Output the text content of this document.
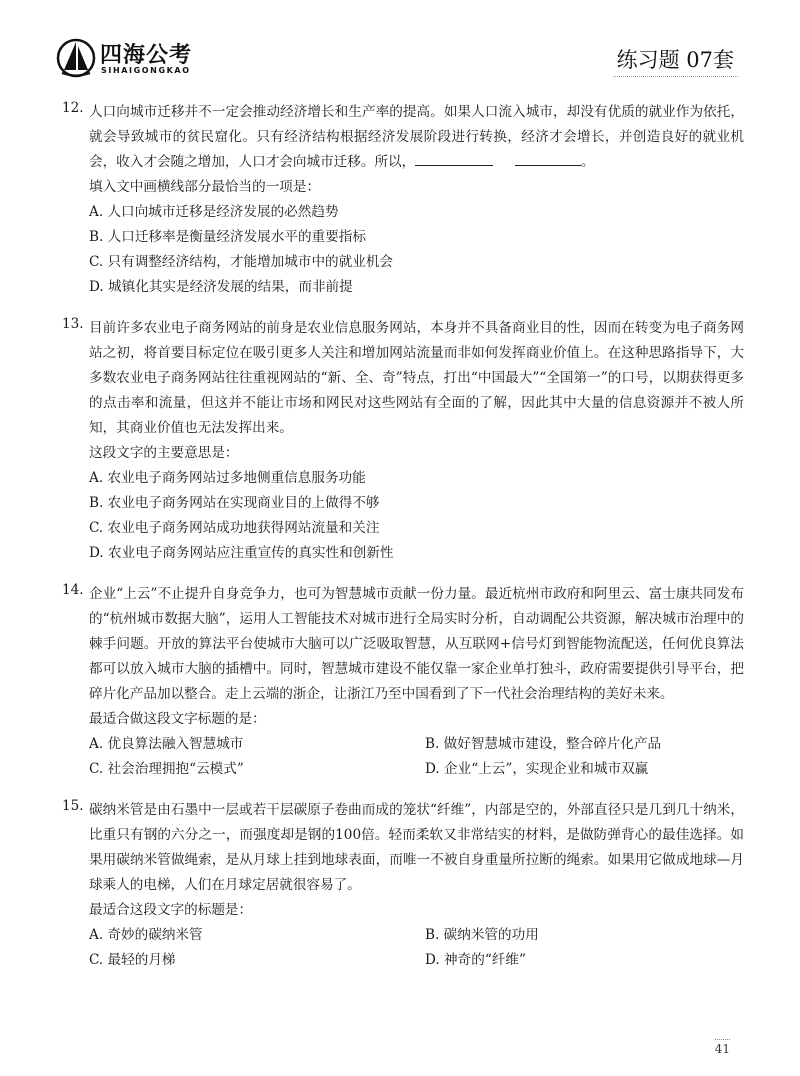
四海公考
SIHAIGONGKAO	练习题 07套
12. 人口向城市迁移并不一定会推动经济增长和生产率的提高。如果人口流入城市，却没有优质的就业作为依托，就会导致城市的贫民窟化。只有经济结构根据经济发展阶段进行转换，经济才会增长，并创造良好的就业机会，收入才会随之增加，人口才会向城市迁移。所以，	。
填入文中画横线部分最恰当的一项是：
A. 人口向城市迁移是经济发展的必然趋势
B. 人口迁移率是衡量经济发展水平的重要指标
C. 只有调整经济结构，才能增加城市中的就业机会
D. 城镇化其实是经济发展的结果，而非前提
13. 目前许多农业电子商务网站的前身是农业信息服务网站，本身并不具备商业目的性，因而在转变为电子商务网站之初，将首要目标定位在吸引更多人关注和增加网站流量而非如何发挥商业价值上。在这种思路指导下，大多数农业电子商务网站往往重视网站的“新、全、奇”特点，打出“中国最大”“全国第一”的口号，以期获得更多的点击率和流量，但这并不能让市场和网民对这些网站有全面的了解，因此其中大量的信息资源并不被人所知，其商业价值也无法发挥出来。
这段文字的主要意思是：
A. 农业电子商务网站过多地侧重信息服务功能
B. 农业电子商务网站在实现商业目的上做得不够
C. 农业电子商务网站成功地获得网站流量和关注
D. 农业电子商务网站应注重宣传的真实性和创新性
14. 企业“上云”不止提升自身竞争力，也可为智慧城市贡献一份力量。最近杭州市政府和阿里云、富士康共同发布的“杭州城市数据大脑”，运用人工智能技术对城市进行全局实时分析，自动调配公共资源，解决城市治理中的棘手问题。开放的算法平台使城市大脑可以广泛吸取智慧，从互联网+信号灯到智能物流配送，任何优良算法都可以放入城市大脑的插槽中。同时，智慧城市建设不能仅靠一家企业单打独斗，政府需要提供引导平台，把碎片化产品加以整合。走上云端的浙企，让浙江乃至中国看到了下一代社会治理结构的美好未来。
最适合做这段文字标题的是：
A. 优良算法融入智慧城市	B. 做好智慧城市建设，整合碎片化产品
C. 社会治理拥抱“云模式”	D. 企业“上云”，实现企业和城市双赢
15. 碳纳米管是由石墨中一层或若干层碳原子卷曲而成的笼状“纤维”，内部是空的，外部直径只是几到几十纳米，比重只有钢的六分之一，而强度却是钢的100倍。轻而柔软又非常结实的材料，是做防弹背心的最佳选择。如果用碳纳米管做绳索，是从月球上挂到地球表面，而唯一不被自身重量所拉断的绳索。如果用它做成地球—月球乘人的电梯，人们在月球定居就很容易了。
最适合这段文字的标题是：
A. 奇妙的碳纳米管	B. 碳纳米管的功用
C. 最轻的月梯	D. 神奇的“纤维”
41
